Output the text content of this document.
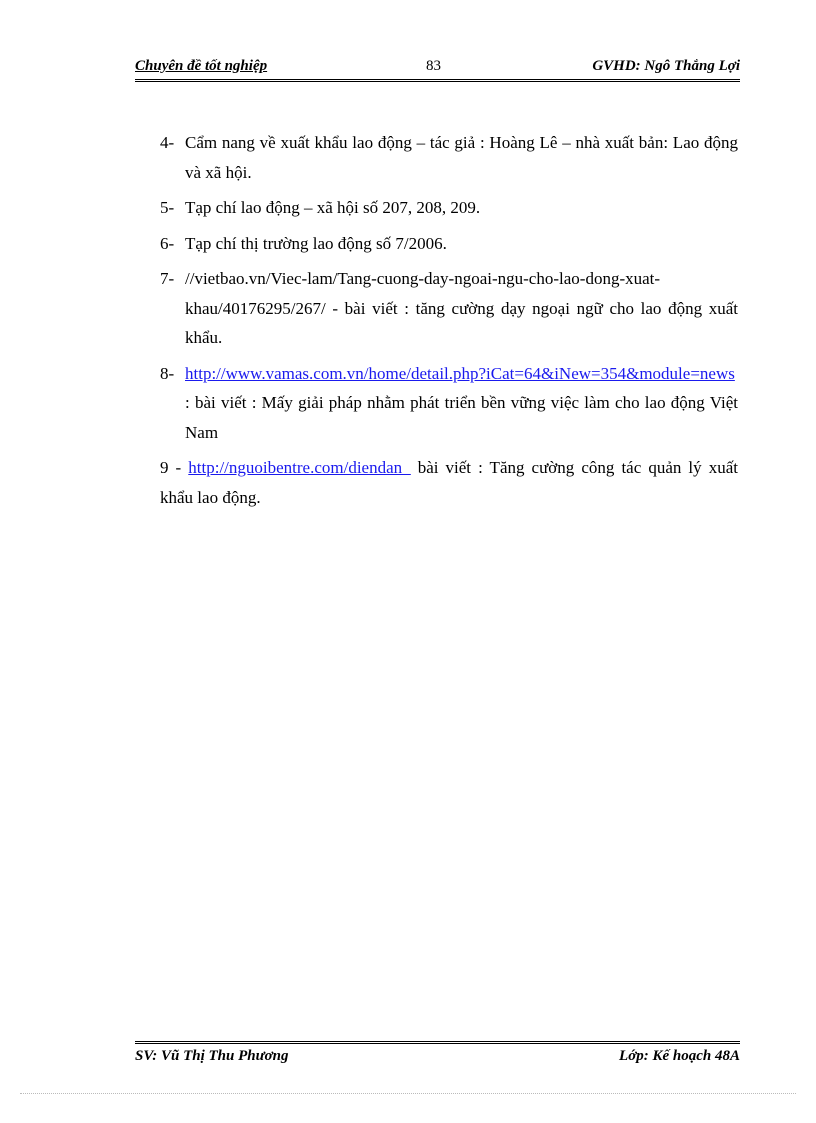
Chuyên đề tốt nghiệp	83	GVHD: Ngô Thắng Lợi
4- Cẩm nang về xuất khẩu lao động – tác giả : Hoàng Lê – nhà xuất bản: Lao động và xã hội.
5- Tạp chí lao động – xã hội số 207, 208, 209.
6- Tạp chí thị trường lao động số 7/2006.
7- //vietbao.vn/Viec-lam/Tang-cuong-day-ngoai-ngu-cho-lao-dong-xuat-khau/40176295/267/ - bài viết : tăng cường dạy ngoại ngữ cho lao động xuất khẩu.
8- http://www.vamas.com.vn/home/detail.php?iCat=64&iNew=354&module=news : bài viết : Mấy giải pháp nhằm phát triển bền vững việc làm cho lao động Việt Nam
9 - http://nguoibentre.com/diendan_ bài viết : Tăng cường công tác quản lý xuất khẩu lao động.
SV: Vũ Thị Thu Phương	Lớp: Kế hoạch 48A
